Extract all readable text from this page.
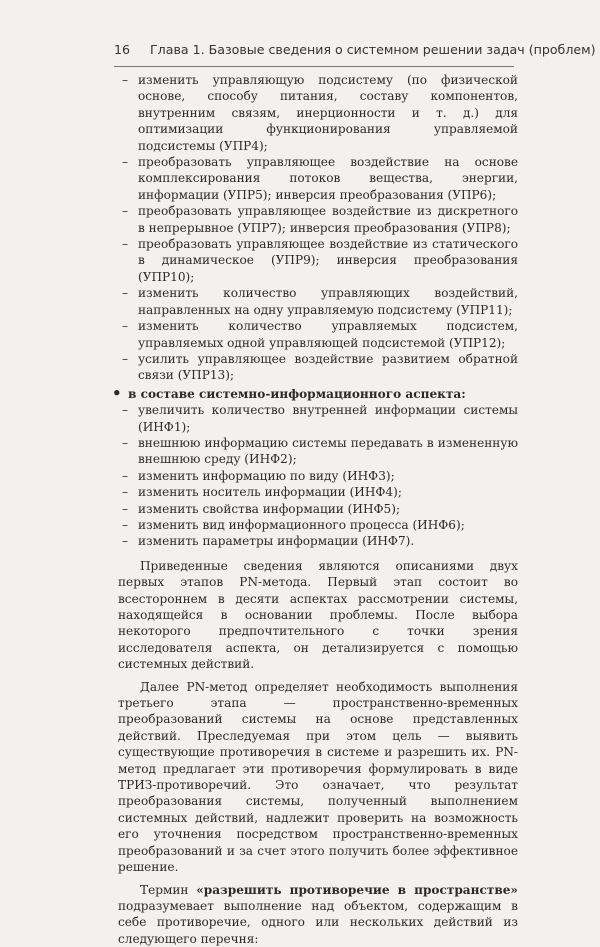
16 Глава 1. Базовые сведения о системном решении задач (проблем)
– изменить управляющую подсистему (по физической основе, способу питания, составу компонентов, внутренним связям, инерционности и т. д.) для оптимизации функционирования управляемой подсистемы (УПР4);
– преобразовать управляющее воздействие на основе комплексирования потоков вещества, энергии, информации (УПР5); инверсия преобразования (УПР6);
– преобразовать управляющее воздействие из дискретного в непрерывное (УПР7); инверсия преобразования (УПР8);
– преобразовать управляющее воздействие из статического в динамическое (УПР9); инверсия преобразования (УПР10);
– изменить количество управляющих воздействий, направленных на одну управляемую подсистему (УПР11);
– изменить количество управляемых подсистем, управляемых одной управляющей подсистемой (УПР12);
– усилить управляющее воздействие развитием обратной связи (УПР13);
• в составе системно-информационного аспекта:
– увеличить количество внутренней информации системы (ИНФ1);
– внешнюю информацию системы передавать в измененную внешнюю среду (ИНФ2);
– изменить информацию по виду (ИНФ3);
– изменить носитель информации (ИНФ4);
– изменить свойства информации (ИНФ5);
– изменить вид информационного процесса (ИНФ6);
– изменить параметры информации (ИНФ7).

Приведенные сведения являются описаниями двух первых этапов PN-метода. Первый этап состоит во всестороннем в десяти аспектах рассмотрении системы, находящейся в основании проблемы. После выбора некоторого предпочтительного с точки зрения исследователя аспекта, он детализируется с помощью системных действий.

Далее PN-метод определяет необходимость выполнения третьего этапа — пространственно-временных преобразований системы на основе представленных действий. Преследуемая при этом цель — выявить существующие противоречия в системе и разрешить их. PN-метод предлагает эти противоречия формулировать в виде ТРИЗ-противоречий. Это означает, что результат преобразования системы, полученный выполнением системных действий, надлежит проверить на возможность его уточнения посредством пространственно-временных преобразований и за счет этого получить более эффективное решение.

Термин «разрешить противоречие в пространстве» подразумевает выполнение над объектом, содержащим в себе противоречие, одного или нескольких действий из следующего перечня:
